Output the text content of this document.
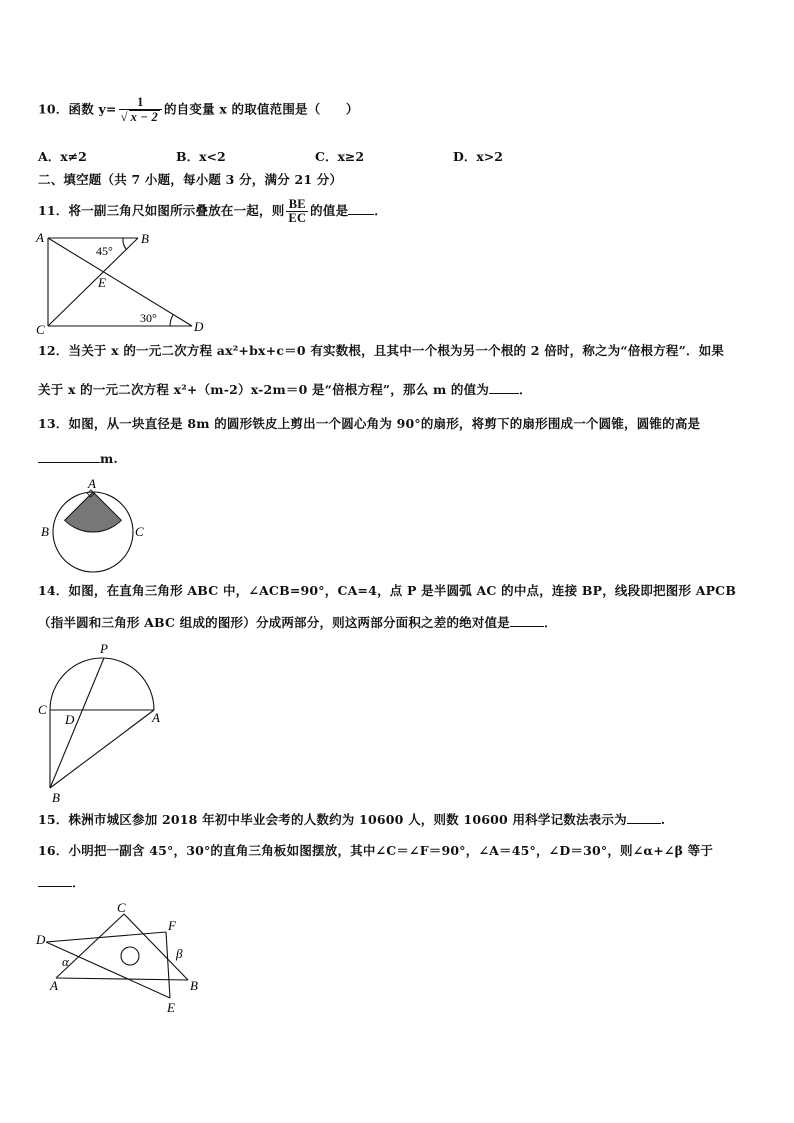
10．函数 $y= \frac{1}{√ x - 2}$ 的自变量 x 的取值范围是（　　）
A．x≠2	B．x<2	C．x≥2	D．x>2
二、填空题（共 7 小题，每小题 3 分，满分 21 分）
11．将一副三角尺如图所示叠放在一起，则 $\frac{BE}{EC}$ 的值是 ．
A	B
C	D
E
45°
30°
12．当关于 x 的一元二次方程 ax²+bx+c＝0 有实数根，且其中一个根为另一个根的 2 倍时，称之为“倍根方程”．如果
关于 x 的一元二次方程 x²+（m-2）x-2m＝0 是“倍根方程”，那么 m 的值为 ．
13．如图，从一块直径是 8m 的圆形铁皮上剪出一个圆心角为 90°的扇形，将剪下的扇形围成一个圆锥，圆锥的高是
m.
A
B	C
14．如图，在直角三角形 ABC 中，∠ACB=90°，CA=4，点 P 是半圆弧 AC 的中点，连接 BP，线段即把图形 APCB
（指半圆和三角形 ABC 组成的图形）分成两部分，则这两部分面积之差的绝对值是	．
P
C
D	A
B
15．株洲市城区参加 2018 年初中毕业会考的人数约为 10600 人，则数 10600 用科学记数法表示为	.
16．小明把一副含 45°，30°的直角三角板如图摆放，其中∠C＝∠F＝90°，∠A＝45°，∠D＝30°，则∠α+∠β 等于
．
C
F
D
α
β
A	B
E
